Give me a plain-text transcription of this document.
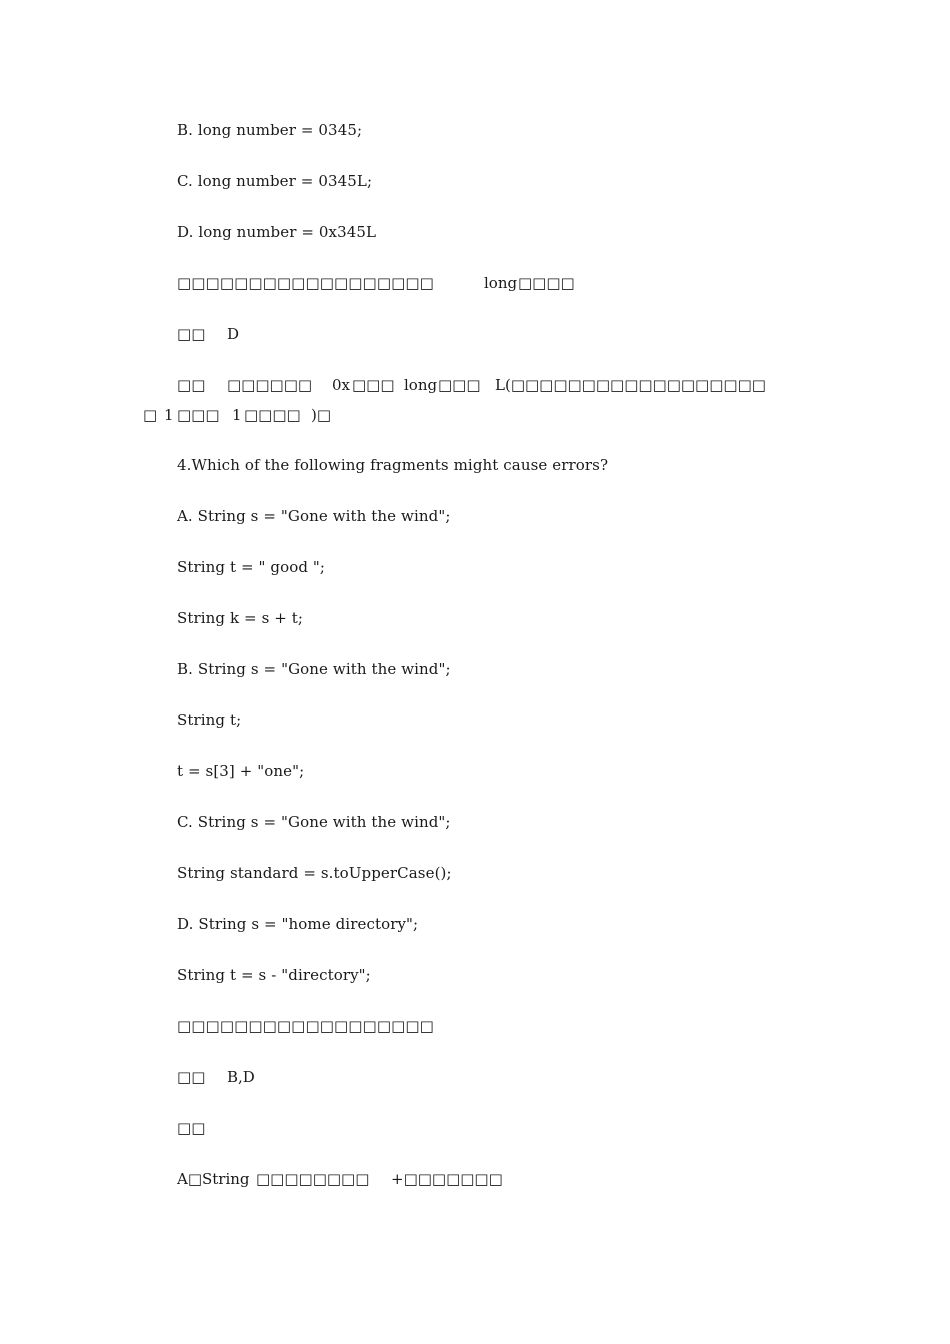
B. long number = 0345;
C. long number = 0345L;
D. long number = 0x345L
□□□□□□□□□□□□□□□□□□	long □□□□
□□ D
□□ □□□□□□ 0x □□□ long □□□ L(□□□□□□□□□□□□□□□□□□
□ 1 □□□ 1 □□□□ )□
4.Which of the following fragments might cause errors?
A. String s = "Gone with the wind";
String t = " good ";
String k = s + t;
B. String s = "Gone with the wind";
String t;
t = s[3] + "one";
C. String s = "Gone with the wind";
String standard = s.toUpperCase();
D. String s = "home directory";
String t = s - "directory";
□□□□□□□□□□□□□□□□□□
□□ B,D
□□
A□ String □□□□□□□□ +□□□□□□□
